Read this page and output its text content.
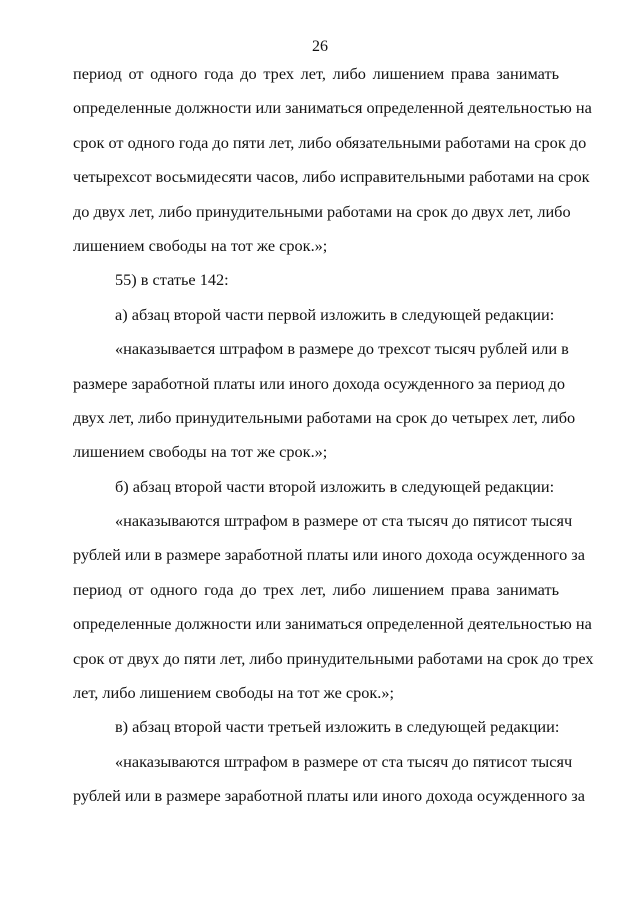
26
период от одного года до трех лет, либо лишением права занимать
определенные должности или заниматься определенной деятельностью на
срок от одного года до пяти лет, либо обязательными работами на срок до
четырехсот восьмидесяти часов, либо исправительными работами на срок
до двух лет, либо принудительными работами на срок до двух лет, либо
лишением свободы на тот же срок.»;
55) в статье 142:
а) абзац второй части первой изложить в следующей редакции:
«наказывается штрафом в размере до трехсот тысяч рублей или в
размере заработной платы или иного дохода осужденного за период до
двух лет, либо принудительными работами на срок до четырех лет, либо
лишением свободы на тот же срок.»;
б) абзац второй части второй изложить в следующей редакции:
«наказываются штрафом в размере от ста тысяч до пятисот тысяч
рублей или в размере заработной платы или иного дохода осужденного за
период от одного года до трех лет, либо лишением права занимать
определенные должности или заниматься определенной деятельностью на
срок от двух до пяти лет, либо принудительными работами на срок до трех
лет, либо лишением свободы на тот же срок.»;
в) абзац второй части третьей изложить в следующей редакции:
«наказываются штрафом в размере от ста тысяч до пятисот тысяч
рублей или в размере заработной платы или иного дохода осужденного за
